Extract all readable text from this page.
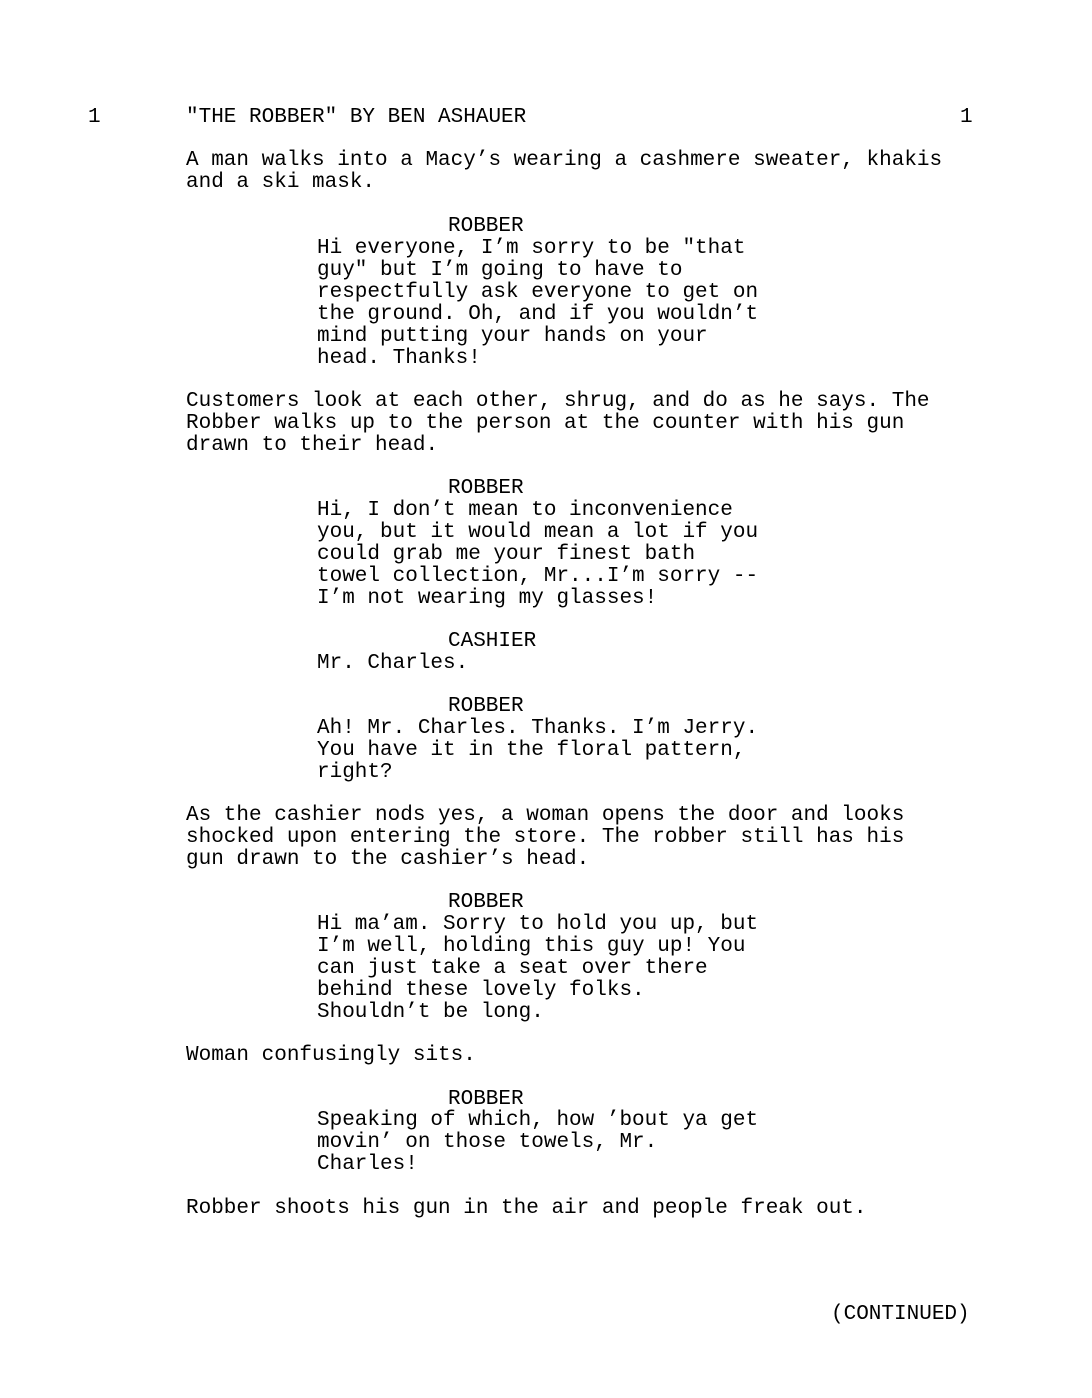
1	"THE ROBBER" BY BEN ASHAUER	1
A man walks into a Macy’s wearing a cashmere sweater, khakis
and a ski mask.
ROBBER
Hi everyone, I’m sorry to be "that
guy" but I’m going to have to
respectfully ask everyone to get on
the ground. Oh, and if you wouldn’t
mind putting your hands on your
head. Thanks!
Customers look at each other, shrug, and do as he says. The
Robber walks up to the person at the counter with his gun
drawn to their head.
ROBBER
Hi, I don’t mean to inconvenience
you, but it would mean a lot if you
could grab me your finest bath
towel collection, Mr...I’m sorry --
I’m not wearing my glasses!
CASHIER
Mr. Charles.
ROBBER
Ah! Mr. Charles. Thanks. I’m Jerry.
You have it in the floral pattern,
right?
As the cashier nods yes, a woman opens the door and looks
shocked upon entering the store. The robber still has his
gun drawn to the cashier’s head.
ROBBER
Hi ma’am. Sorry to hold you up, but
I’m well, holding this guy up! You
can just take a seat over there
behind these lovely folks.
Shouldn’t be long.
Woman confusingly sits.
ROBBER
Speaking of which, how ’bout ya get
movin’ on those towels, Mr.
Charles!
Robber shoots his gun in the air and people freak out.
(CONTINUED)
